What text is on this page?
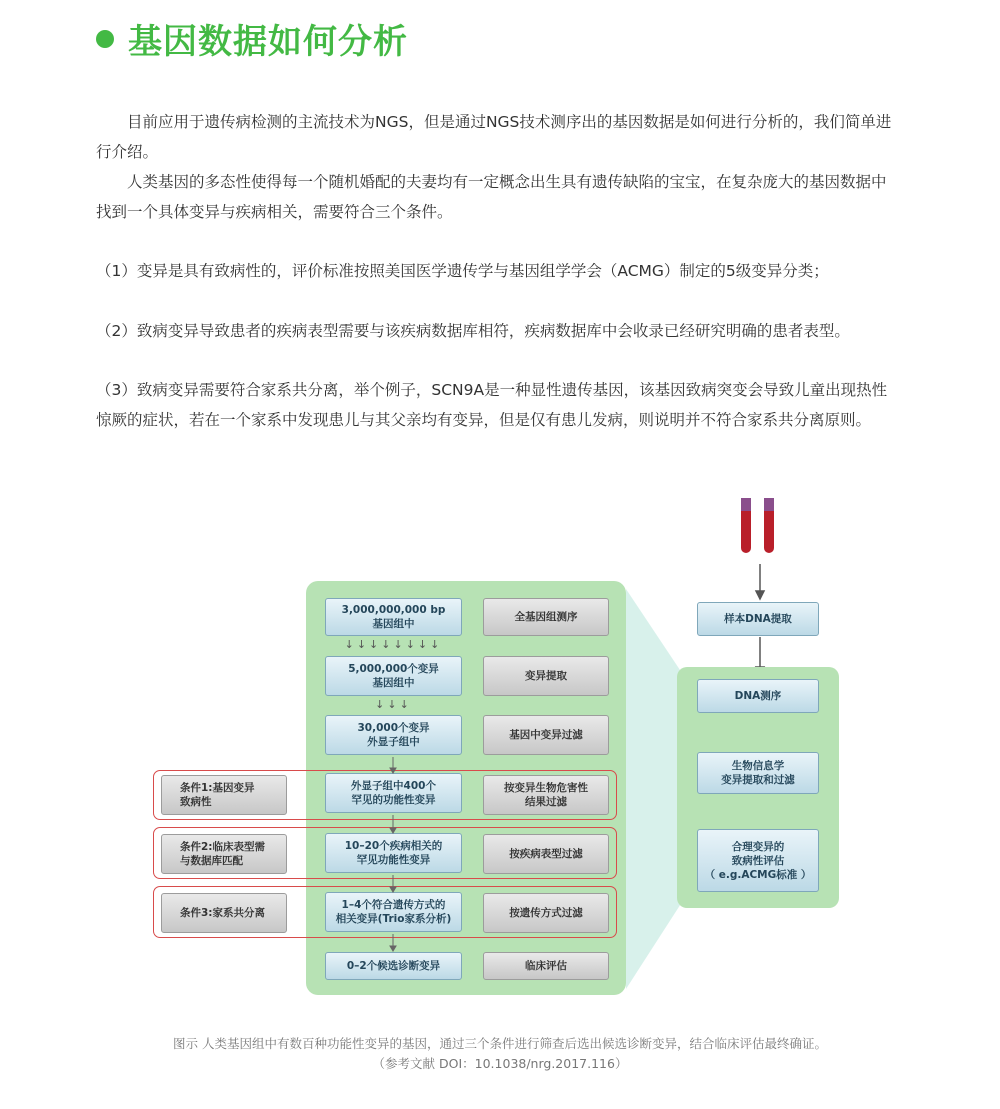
基因数据如何分析

目前应用于遗传病检测的主流技术为NGS，但是通过NGS技术测序出的基因数据是如何进行分析的，我们简单进行介绍。

人类基因的多态性使得每一个随机婚配的夫妻均有一定概念出生具有遗传缺陷的宝宝，在复杂庞大的基因数据中找到一个具体变异与疾病相关，需要符合三个条件。

（1）变异是具有致病性的，评价标准按照美国医学遗传学与基因组学学会（ACMG）制定的5级变异分类；

（2）致病变异导致患者的疾病表型需要与该疾病数据库相符，疾病数据库中会收录已经研究明确的患者表型。

（3）致病变异需要符合家系共分离，举个例子，SCN9A是一种显性遗传基因，该基因致病突变会导致儿童出现热性惊厥的症状，若在一个家系中发现患儿与其父亲均有变异，但是仅有患儿发病，则说明并不符合家系共分离原则。

3,000,000,000 bp
基因组中
↓↓↓↓↓↓↓↓
5,000,000个变异
基因组中
↓↓↓
30,000个变异
外显子组中
外显子组中400个
罕见的功能性变异
10–20个疾病相关的
罕见功能性变异
1–4个符合遗传方式的
相关变异(Trio家系分析)
0–2个候选诊断变异
全基因组测序
变异提取
基因中变异过滤
按变异生物危害性
结果过滤
按疾病表型过滤
按遗传方式过滤
临床评估
条件1:基因变异
致病性
条件2:临床表型需
与数据库匹配
条件3:家系共分离
样本DNA提取
DNA测序
生物信息学
变异提取和过滤
合理变异的
致病性评估
（ e.g.ACMG标准 ）
图示 人类基因组中有数百种功能性变异的基因，通过三个条件进行筛查后选出候选诊断变异，结合临床评估最终确证。
（参考文献 DOI：10.1038/nrg.2017.116）
